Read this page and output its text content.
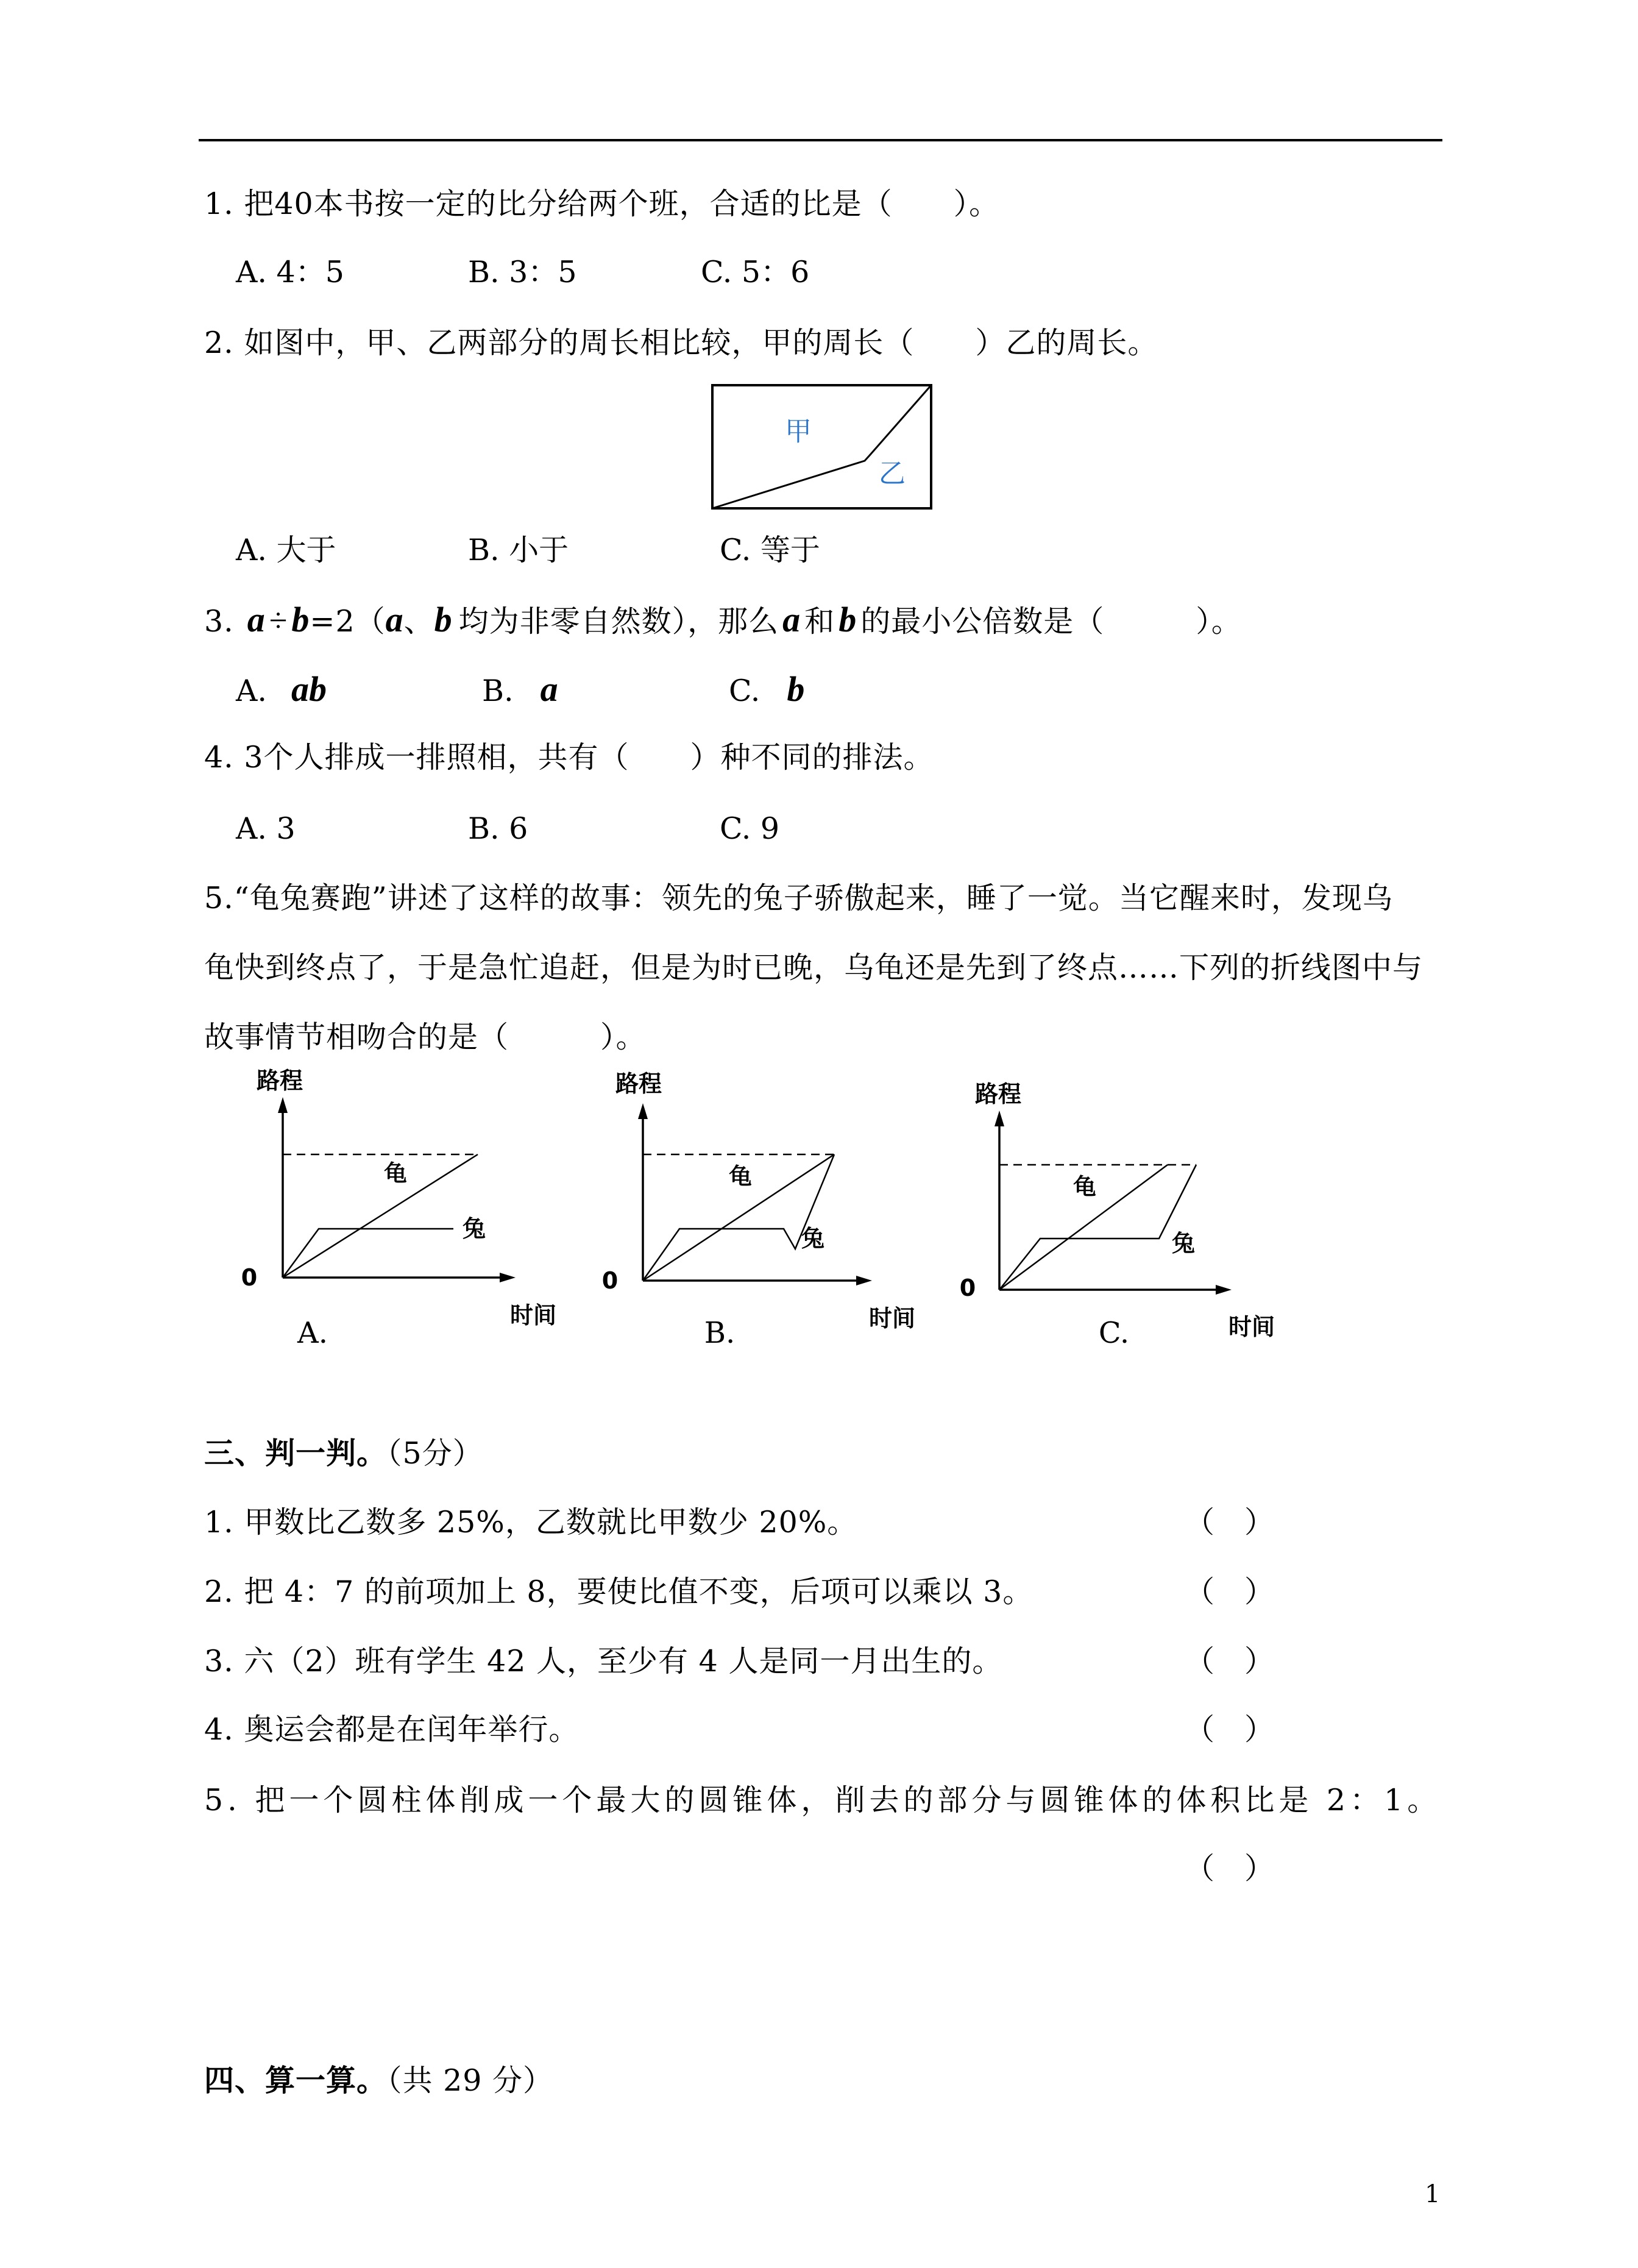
1. 把40本书按一定的比分给两个班，合适的比是（　　）。
A. 4：5	B. 3：5	C. 5：6
2. 如图中，甲、乙两部分的周长相比较，甲的周长（　　）乙的周长。
甲
乙
A. 大于	B. 小于	C. 等于
3. a ÷ b=2（a、b 均为非零自然数），那么 a 和 b 的最小公倍数是（　　　）。
A. ab	B. a	C. b
4. 3个人排成一排照相，共有（　　）种不同的排法。
A. 3	B. 6	C. 9
5.“龟兔赛跑”讲述了这样的故事：领先的兔子骄傲起来，睡了一觉。当它醒来时，发现乌
龟快到终点了，于是急忙追赶，但是为时已晚，乌龟还是先到了终点……下列的折线图中与
故事情节相吻合的是（　　　）。
路程
0
龟
兔
时间
A.
路程
0
龟
兔
时间
B.
路程
0
龟
兔
时间
C.
三、判一判。（5分）
1. 甲数比乙数多 25%，乙数就比甲数少 20%。	（　）
2. 把 4：7 的前项加上 8，要使比值不变，后项可以乘以 3。	（　）
3. 六（2）班有学生 42 人，至少有 4 人是同一月出生的。	（　）
4. 奥运会都是在闰年举行。	（　）
5. 把一个圆柱体削成一个最大的圆锥体，削去的部分与圆锥体的体积比是 2：1。
（　）
四、算一算。（共 29 分）
1
